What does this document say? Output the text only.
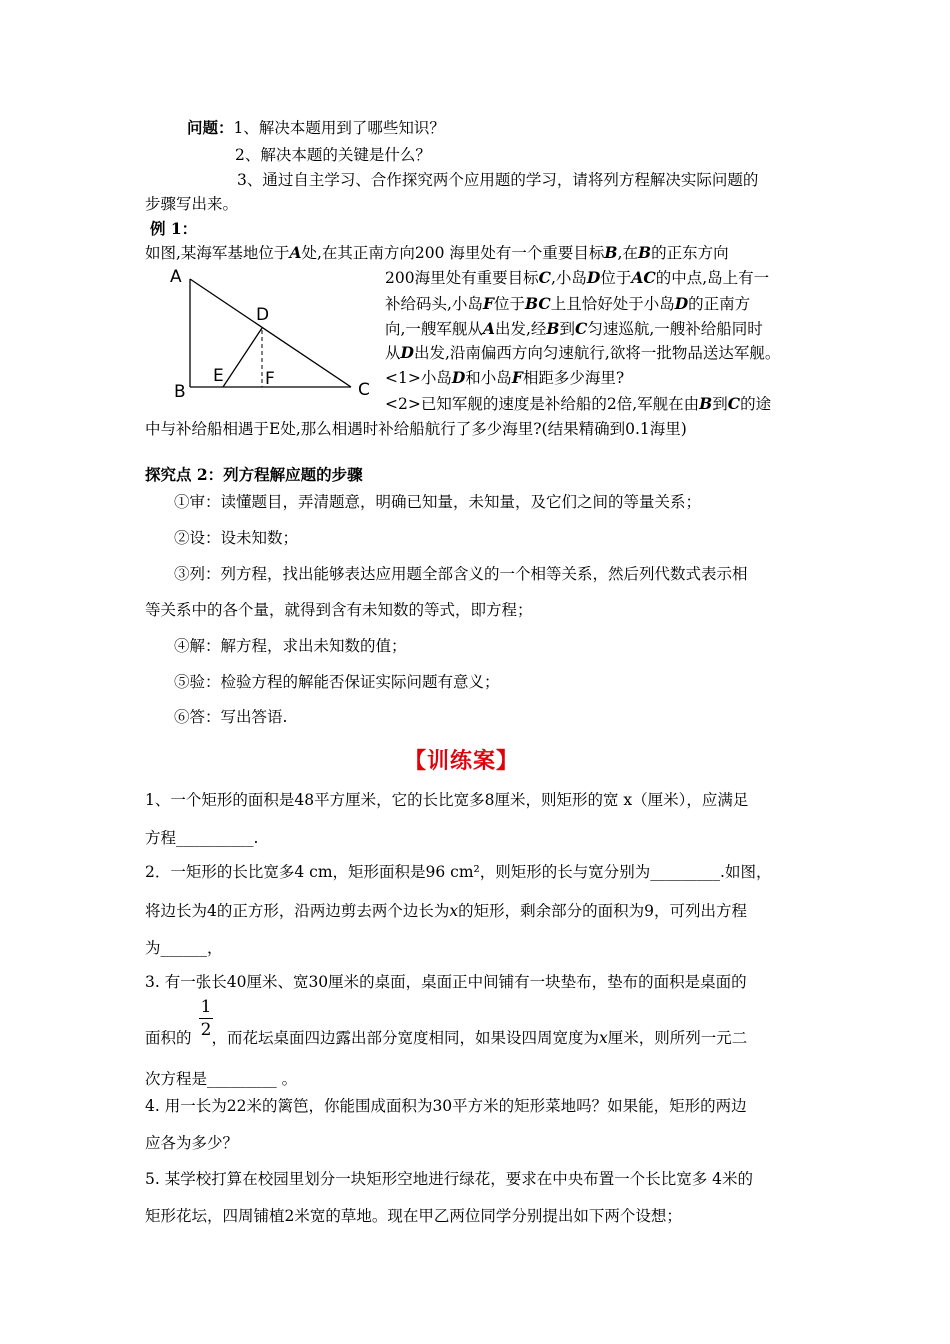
问题：1、解决本题用到了哪些知识？
2、解决本题的关键是什么？
3、通过自主学习、合作探究两个应用题的学习，请将列方程解决实际问题的
步骤写出来。
例 1：
如图,某海军基地位于A处,在其正南方向200 海里处有一个重要目标B,在B的正东方向
200海里处有重要目标C,小岛D位于AC的中点,岛上有一
补给码头,小岛F位于BC上且恰好处于小岛D的正南方
向,一艘军舰从A出发,经B到C匀速巡航,一艘补给船同时
从D出发,沿南偏西方向匀速航行,欲将一批物品送达军舰。
<1>小岛D和小岛F相距多少海里?
<2>已知军舰的速度是补给船的2倍,军舰在由B到C的途
中与补给船相遇于E处,那么相遇时补给船航行了多少海里?(结果精确到0.1海里)
A
B	C
D
E F
探究点 2：列方程解应题的步骤
①审：读懂题目，弄清题意，明确已知量，未知量，及它们之间的等量关系；
②设：设未知数；
③列：列方程，找出能够表达应用题全部含义的一个相等关系，然后列代数式表示相
等关系中的各个量，就得到含有未知数的等式，即方程；
④解：解方程，求出未知数的值；
⑤验：检验方程的解能否保证实际问题有意义；
⑥答：写出答语.
【训练案】
1、一个矩形的面积是48平方厘米，它的长比宽多8厘米，则矩形的宽 x（厘米），应满足
方程__________.
2．一矩形的长比宽多4 cm，矩形面积是96 cm²，则矩形的长与宽分别为_________.如图，
将边长为4的正方形，沿两边剪去两个边长为x的矩形，剩余部分的面积为9，可列出方程
为______，
3. 有一张长40厘米、宽30厘米的桌面，桌面正中间铺有一块垫布，垫布的面积是桌面的
1
2
面积的 ，而花坛桌面四边露出部分宽度相同，如果设四周宽度为x厘米，则所列一元二
次方程是_________ 。
4. 用一长为22米的篱笆，你能围成面积为30平方米的矩形菜地吗？如果能，矩形的两边
应各为多少？
5. 某学校打算在校园里划分一块矩形空地进行绿花，要求在中央布置一个长比宽多 4米的
矩形花坛，四周铺植2米宽的草地。现在甲乙两位同学分别提出如下两个设想；
